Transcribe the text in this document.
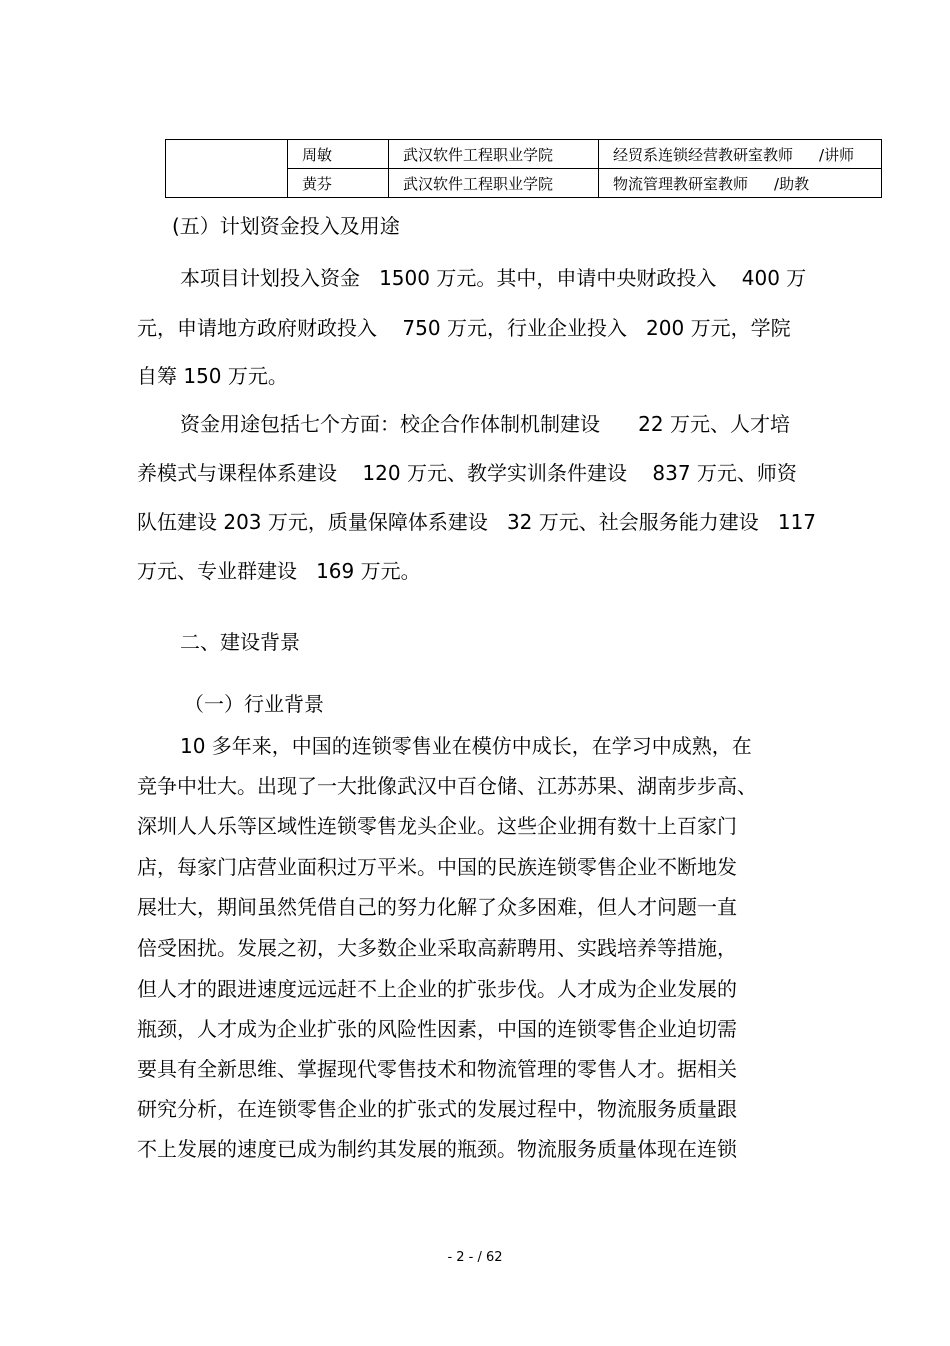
	周敏	武汉软件工程职业学院	经贸系连锁经营教研室教师 /讲师
	黄芬	武汉软件工程职业学院	物流管理教研室教师 /助教
(五）计划资金投入及用途
本项目计划投入资金   1500 万元。其中，申请中央财政投入    400 万
元，申请地方政府财政投入    750 万元，行业企业投入   200 万元，学院
自筹 150 万元。
资金用途包括七个方面：校企合作体制机制建设      22 万元、人才培
养模式与课程体系建设    120 万元、教学实训条件建设    837 万元、师资
队伍建设 203 万元，质量保障体系建设   32 万元、社会服务能力建设   117
万元、专业群建设   169 万元。
二、建设背景
（一）行业背景
10 多年来，中国的连锁零售业在模仿中成长，在学习中成熟，在
竞争中壮大。出现了一大批像武汉中百仓储、江苏苏果、湖南步步高、
深圳人人乐等区域性连锁零售龙头企业。这些企业拥有数十上百家门
店，每家门店营业面积过万平米。中国的民族连锁零售企业不断地发
展壮大，期间虽然凭借自己的努力化解了众多困难，但人才问题一直
倍受困扰。发展之初，大多数企业采取高薪聘用、实践培养等措施，
但人才的跟进速度远远赶不上企业的扩张步伐。人才成为企业发展的
瓶颈，人才成为企业扩张的风险性因素，中国的连锁零售企业迫切需
要具有全新思维、掌握现代零售技术和物流管理的零售人才。据相关
研究分析，在连锁零售企业的扩张式的发展过程中，物流服务质量跟
不上发展的速度已成为制约其发展的瓶颈。物流服务质量体现在连锁
- 2 - / 62
